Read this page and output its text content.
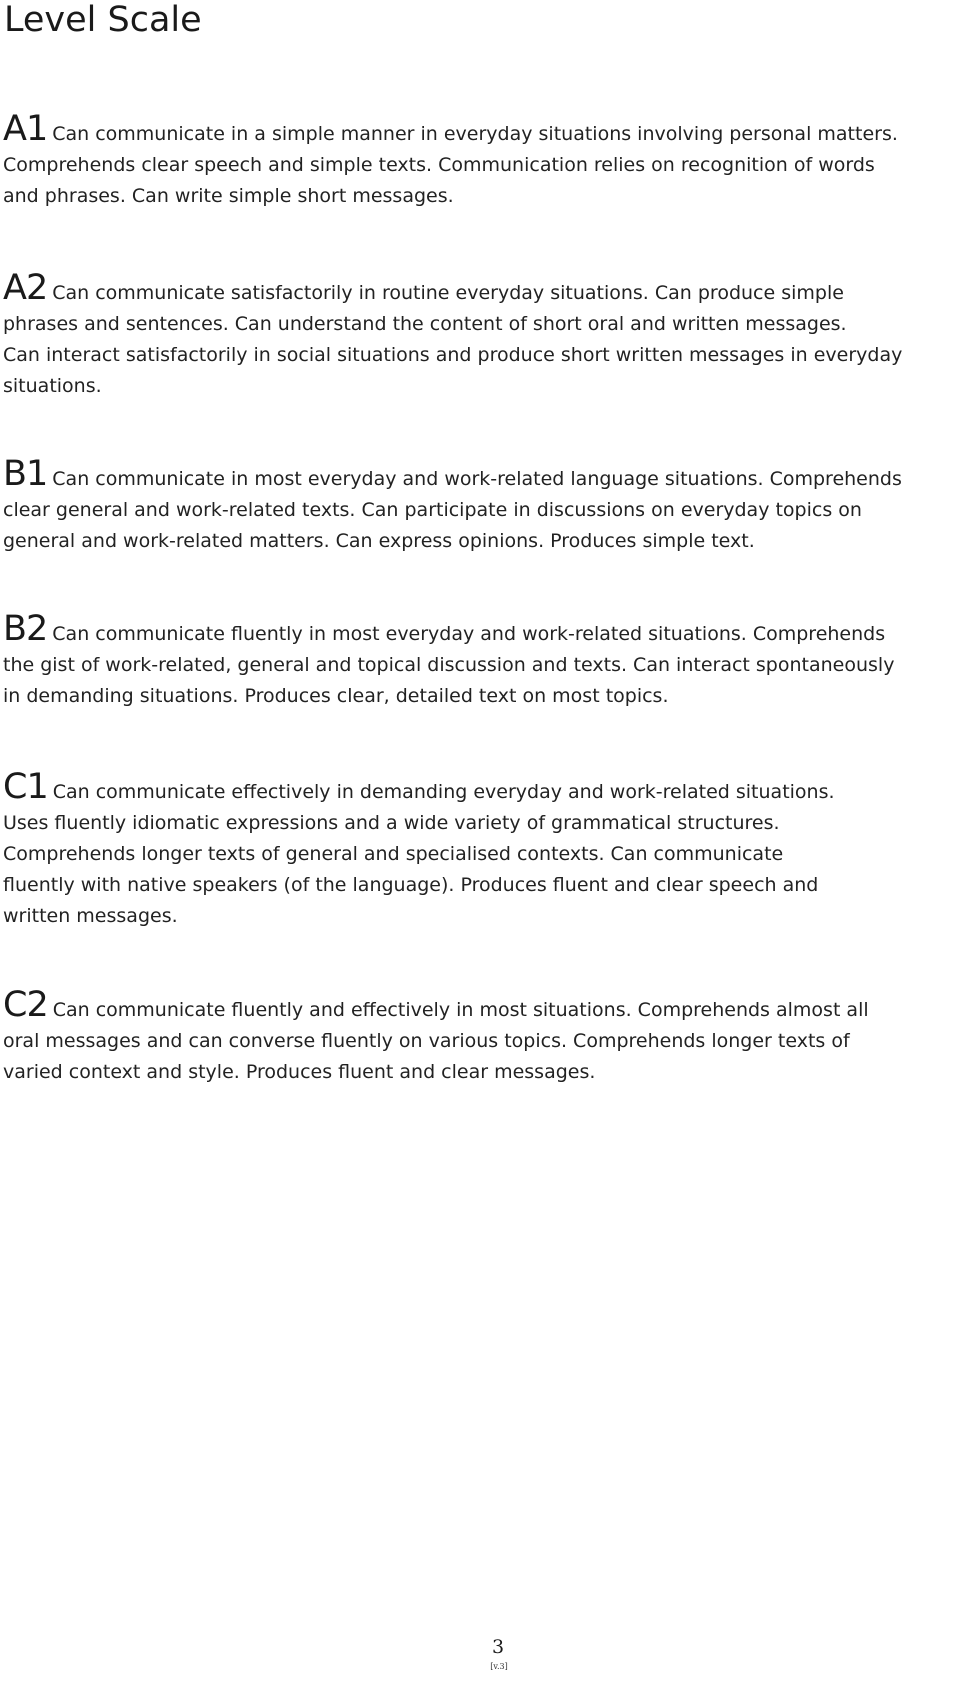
Level Scale

A1 Can communicate in a simple manner in everyday situations involving personal matters.
Comprehends clear speech and simple texts. Communication relies on recognition of words
and phrases. Can write simple short messages.

A2 Can communicate satisfactorily in routine everyday situations. Can produce simple
phrases and sentences. Can understand the content of short oral and written messages.
Can interact satisfactorily in social situations and produce short written messages in everyday
situations.

B1 Can communicate in most everyday and work-related language situations. Comprehends
clear general and work-related texts. Can participate in discussions on everyday topics on
general and work-related matters. Can express opinions. Produces simple text.

B2 Can communicate fluently in most everyday and work-related situations. Comprehends
the gist of work-related, general and topical discussion and texts. Can interact spontaneously
in demanding situations. Produces clear, detailed text on most topics.

C1 Can communicate effectively in demanding everyday and work-related situations.
Uses fluently idiomatic expressions and a wide variety of grammatical structures.
Comprehends longer texts of general and specialised contexts. Can communicate
fluently with native speakers (of the language). Produces fluent and clear speech and
written messages.

C2 Can communicate fluently and effectively in most situations. Comprehends almost all
oral messages and can converse fluently on various topics. Comprehends longer texts of
varied context and style. Produces fluent and clear messages.

3
[v.3]
